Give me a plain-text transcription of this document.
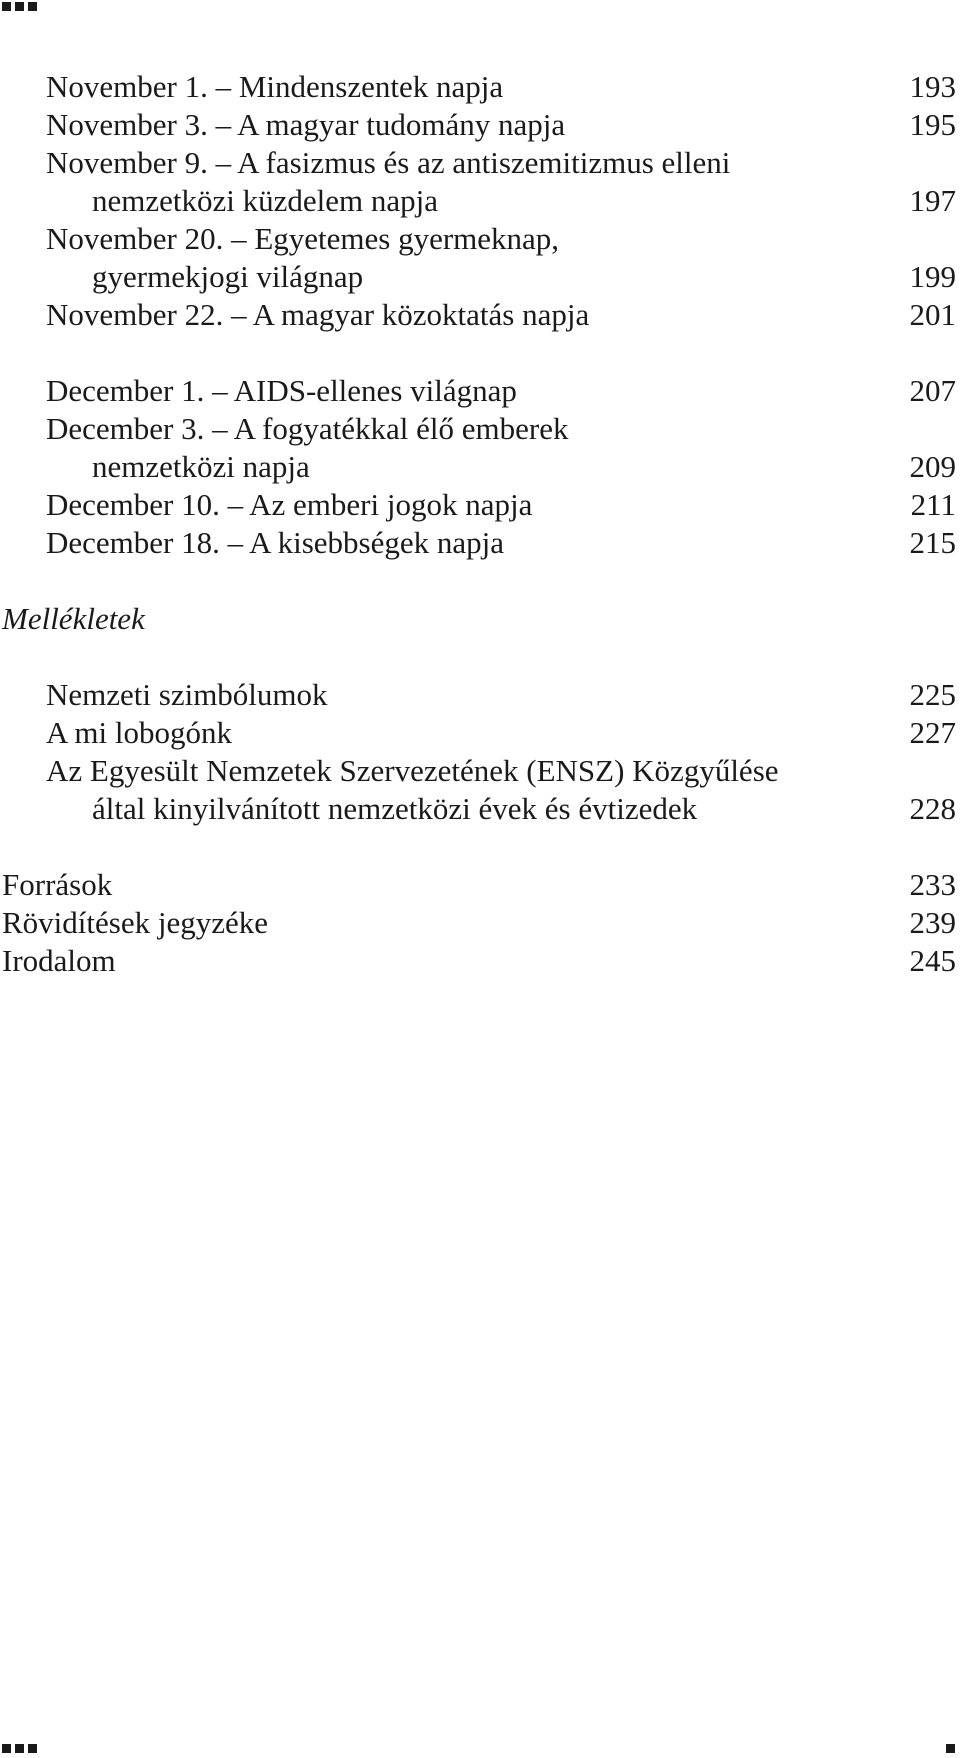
November 1. – Mindenszentek napja	193
November 3. – A magyar tudomány napja	195
November 9. – A fasizmus és az antiszemitizmus elleni
nemzetközi küzdelem napja	197
November 20. – Egyetemes gyermeknap,
gyermekjogi világnap	199
November 22. – A magyar közoktatás napja	201
December 1. – AIDS-ellenes világnap	207
December 3. – A fogyatékkal élő emberek
nemzetközi napja	209
December 10. – Az emberi jogok napja	211
December 18. – A kisebbségek napja	215
Mellékletek
Nemzeti szimbólumok	225
A mi lobogónk	227
Az Egyesült Nemzetek Szervezetének (ENSZ) Közgyűlése
által kinyilvánított nemzetközi évek és évtizedek	228
Források	233
Rövidítések jegyzéke	239
Irodalom	245
